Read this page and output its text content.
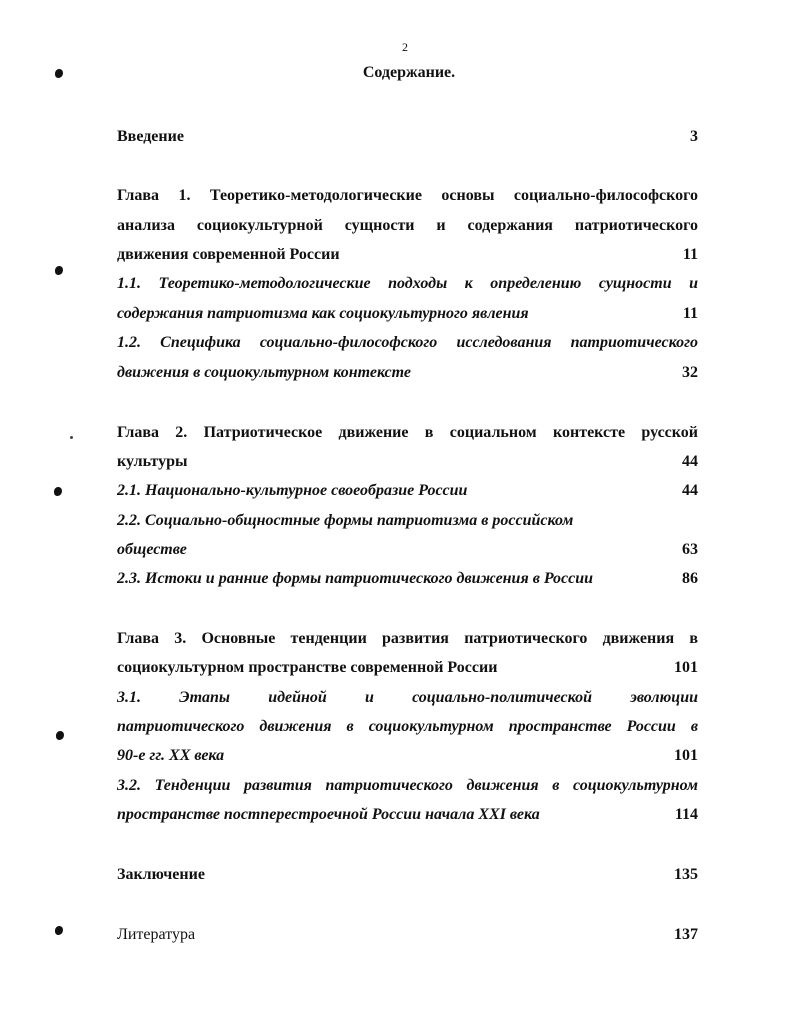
2
Содержание.
Введение	3
Глава 1. Теоретико-методологические основы социально-философского
анализа социокультурной сущности и содержания патриотического
движения современной России	11
1.1. Теоретико-методологические подходы к определению сущности и
содержания патриотизма как социокультурного явления	11
1.2. Специфика социально-философского исследования патриотического
движения в социокультурном контексте	32
Глава 2. Патриотическое движение в социальном контексте русской
культуры	44
2.1. Национально-культурное своеобразие России	44
2.2. Социально-общностные формы патриотизма в российском
обществе	63
2.3. Истоки и ранние формы патриотического движения в России	86
Глава 3. Основные тенденции развития патриотического движения в
социокультурном пространстве современной России	101
3.1. Этапы идейной и социально-политической эволюции
патриотического движения в социокультурном пространстве России в
90-е гг. XX века	101
3.2. Тенденции развития патриотического движения в социокультурном
пространстве постперестроечной России начала XXI века	114
Заключение	135
Литература	137
